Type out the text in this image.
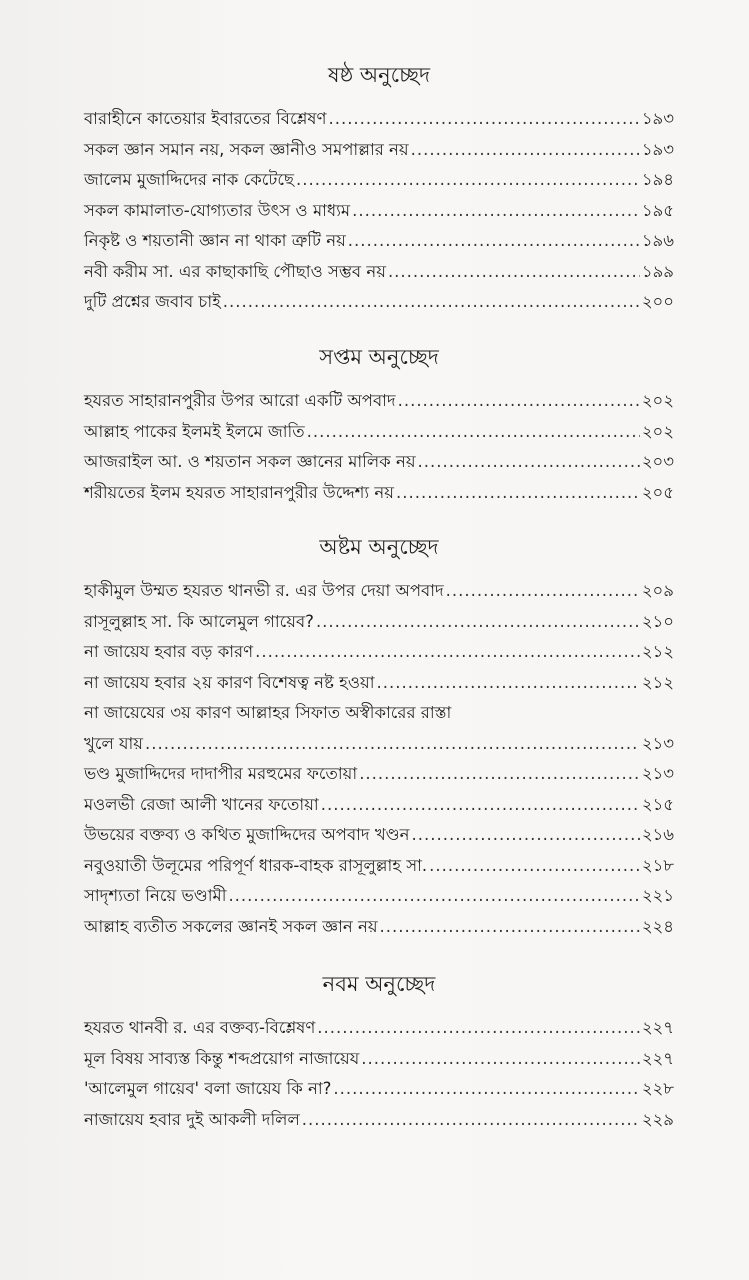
ষষ্ঠ অনুচ্ছেদ
বারাহীনে কাতেয়ার ইবারতের বিশ্লেষণ .....	১৯৩
সকল জ্ঞান সমান নয়, সকল জ্ঞানীও সমপাল্লার নয় .....	১৯৩
জালেম মুজাদ্দিদের নাক কেটেছে .....	১৯৪
সকল কামালাত-যোগ্যতার উৎস ও মাধ্যম .....	১৯৫
নিকৃষ্ট ও শয়তানী জ্ঞান না থাকা ত্রুটি নয় .....	১৯৬
নবী করীম সা. এর কাছাকাছি পৌছাও সম্ভব নয় .....	১৯৯
দুটি প্রশ্নের জবাব চাই .....	২০০
সপ্তম অনুচ্ছেদ
হযরত সাহারানপুরীর উপর আরো একটি অপবাদ .....	২০২
আল্লাহ পাকের ইলমই ইলমে জাতি .....	২০২
আজরাইল আ. ও শয়তান সকল জ্ঞানের মালিক নয় .....	২০৩
শরীয়তের ইলম হযরত সাহারানপুরীর উদ্দেশ্য নয় .....	২০৫
অষ্টম অনুচ্ছেদ
হাকীমুল উম্মত হযরত থানভী র. এর উপর দেয়া অপবাদ .....	২০৯
রাসূলুল্লাহ সা. কি আলেমুল গায়েব? .....	২১০
না জায়েয হবার বড় কারণ .....	২১২
না জায়েয হবার ২য় কারণ বিশেষত্ব নষ্ট হওয়া .....	২১২
না জায়েযের ৩য় কারণ আল্লাহর সিফাত অস্বীকারের রাস্তা
খুলে যায় .....	২১৩
ভণ্ড মুজাদ্দিদের দাদাপীর মরহুমের ফতোয়া .....	২১৩
মওলভী রেজা আলী খানের ফতোয়া .....	২১৫
উভয়ের বক্তব্য ও কথিত মুজাদ্দিদের অপবাদ খণ্ডন .....	২১৬
নবুওয়াতী উলূমের পরিপূর্ণ ধারক-বাহক রাসূলুল্লাহ সা. .....	২১৮
সাদৃশ্যতা নিয়ে ভণ্ডামী .....	২২১
আল্লাহ ব্যতীত সকলের জ্ঞানই সকল জ্ঞান নয় .....	২২৪
নবম অনুচ্ছেদ
হযরত থানবী র. এর বক্তব্য-বিশ্লেষণ .....	২২৭
মূল বিষয় সাব্যস্ত কিন্তু শব্দপ্রয়োগ নাজায়েয .....	২২৭
'আলেমুল গায়েব' বলা জায়েয কি না? .....	২২৮
নাজায়েয হবার দুই আকলী দলিল .....	২২৯
